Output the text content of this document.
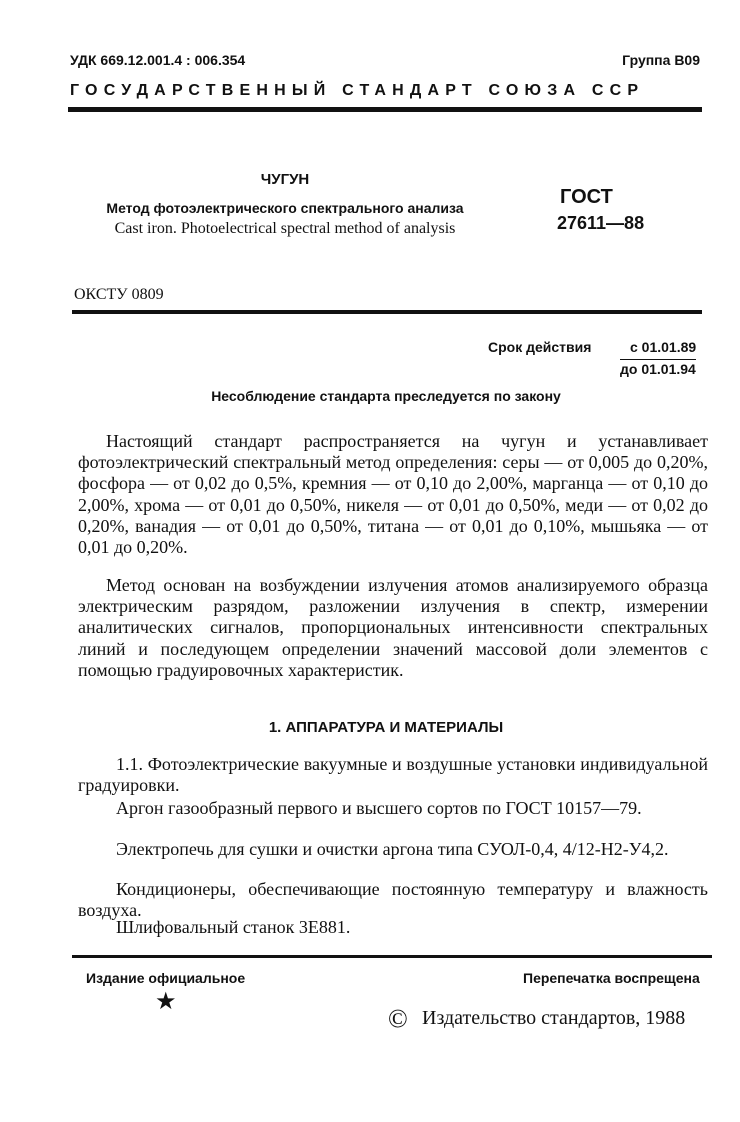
УДК 669.12.001.4 : 006.354	Группа В09
ГОСУДАРСТВЕННЫЙ СТАНДАРТ СОЮЗА ССР
ЧУГУН
Метод фотоэлектрического спектрального анализа
Cast iron. Photoelectrical spectral method of analysis
ГОСТ
27611—88
ОКСТУ 0809
Срок действия	с 01.01.89
до 01.01.94
Несоблюдение стандарта преследуется по закону

Настоящий стандарт распространяется на чугун и устанавливает фотоэлектрический спектральный метод определения: серы — от 0,005 до 0,20%, фосфора — от 0,02 до 0,5%, кремния — от 0,10 до 2,00%, марганца — от 0,10 до 2,00%, хрома — от 0,01 до 0,50%, никеля — от 0,01 до 0,50%, меди — от 0,02 до 0,20%, ванадия — от 0,01 до 0,50%, титана — от 0,01 до 0,10%, мышьяка — от 0,01 до 0,20%.

Метод основан на возбуждении излучения атомов анализируемого образца электрическим разрядом, разложении излучения в спектр, измерении аналитических сигналов, пропорциональных интенсивности спектральных линий и последующем определении значений массовой доли элементов с помощью градуировочных характеристик.

1. АППАРАТУРА И МАТЕРИАЛЫ

1.1. Фотоэлектрические вакуумные и воздушные установки индивидуальной градуировки.

Аргон газообразный первого и высшего сортов по ГОСТ 10157—79.

Электропечь для сушки и очистки аргона типа СУОЛ-0,4, 4/12-Н2-У4,2.

Кондиционеры, обеспечивающие постоянную температуру и влажность воздуха.

Шлифовальный станок 3Е881.

Издание официальное	Перепечатка воспрещена
★
© Издательство стандартов, 1988
